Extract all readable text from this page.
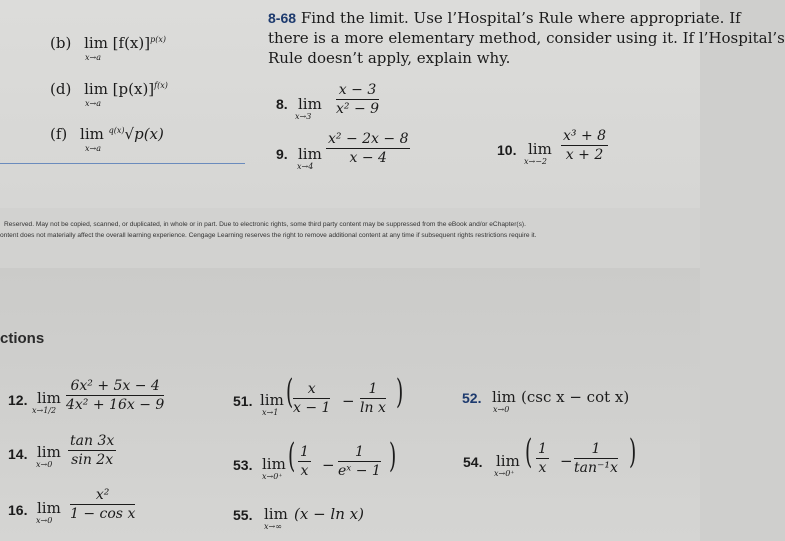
(b) $\lim [f(x)]^{p(x)}$
x→a
(d) $\lim [p(x)]^{f(x)}$
x→a
(f) lim $^{q(x)}$√p(x)
x→a
8-68 Find the limit. Use l’Hospital’s Rule where appropriate. If
there is a more elementary method, consider using it. If l’Hospital’s
Rule doesn’t apply, explain why.
8. lim
$x\to 3 \frac{x - 3}{\text{x² − 9}}$
9. lim
x→4
$\frac{\text{x² − 2x − 8}}{x - 4}$	10. lim
$x\to-2 \frac{\text{x³ + 8}}{x + 2}$
Reserved. May not be copied, scanned, or duplicated, in whole or in part. Due to electronic rights, some third party content may be suppressed from the eBook and/or eChapter(s).
ontent does not materially affect the overall learning experience. Cengage Learning reserves the right to remove additional content at any time if subsequent rights restrictions require it.
ctions
12. lim
$x\to 1/2 \frac{\text{6x² + 5x − 4}}{\text{4x² + 16x − 9}}$
14. lim
$x\to 0 \frac{\tan 3x}{\sin 2x}$
16. lim
$x\to 0 \frac{\text{x²}}{\text{1 − cos x}}$
51. lim
x→1
( $\frac{x}{x - 1} - \frac{1}{\text{ln x}}$ )
53. lim
x→0⁺
( $\frac{1}{x} - \frac{1}{\text{eˣ − 1}}$ )
55. lim
x→∞
(x − ln x)
52. lim
x→0
(csc x − cot x)
54. lim
x→0⁺
( $\frac{1}{x} - \frac{1}{\text{tan⁻¹x}}$ )
